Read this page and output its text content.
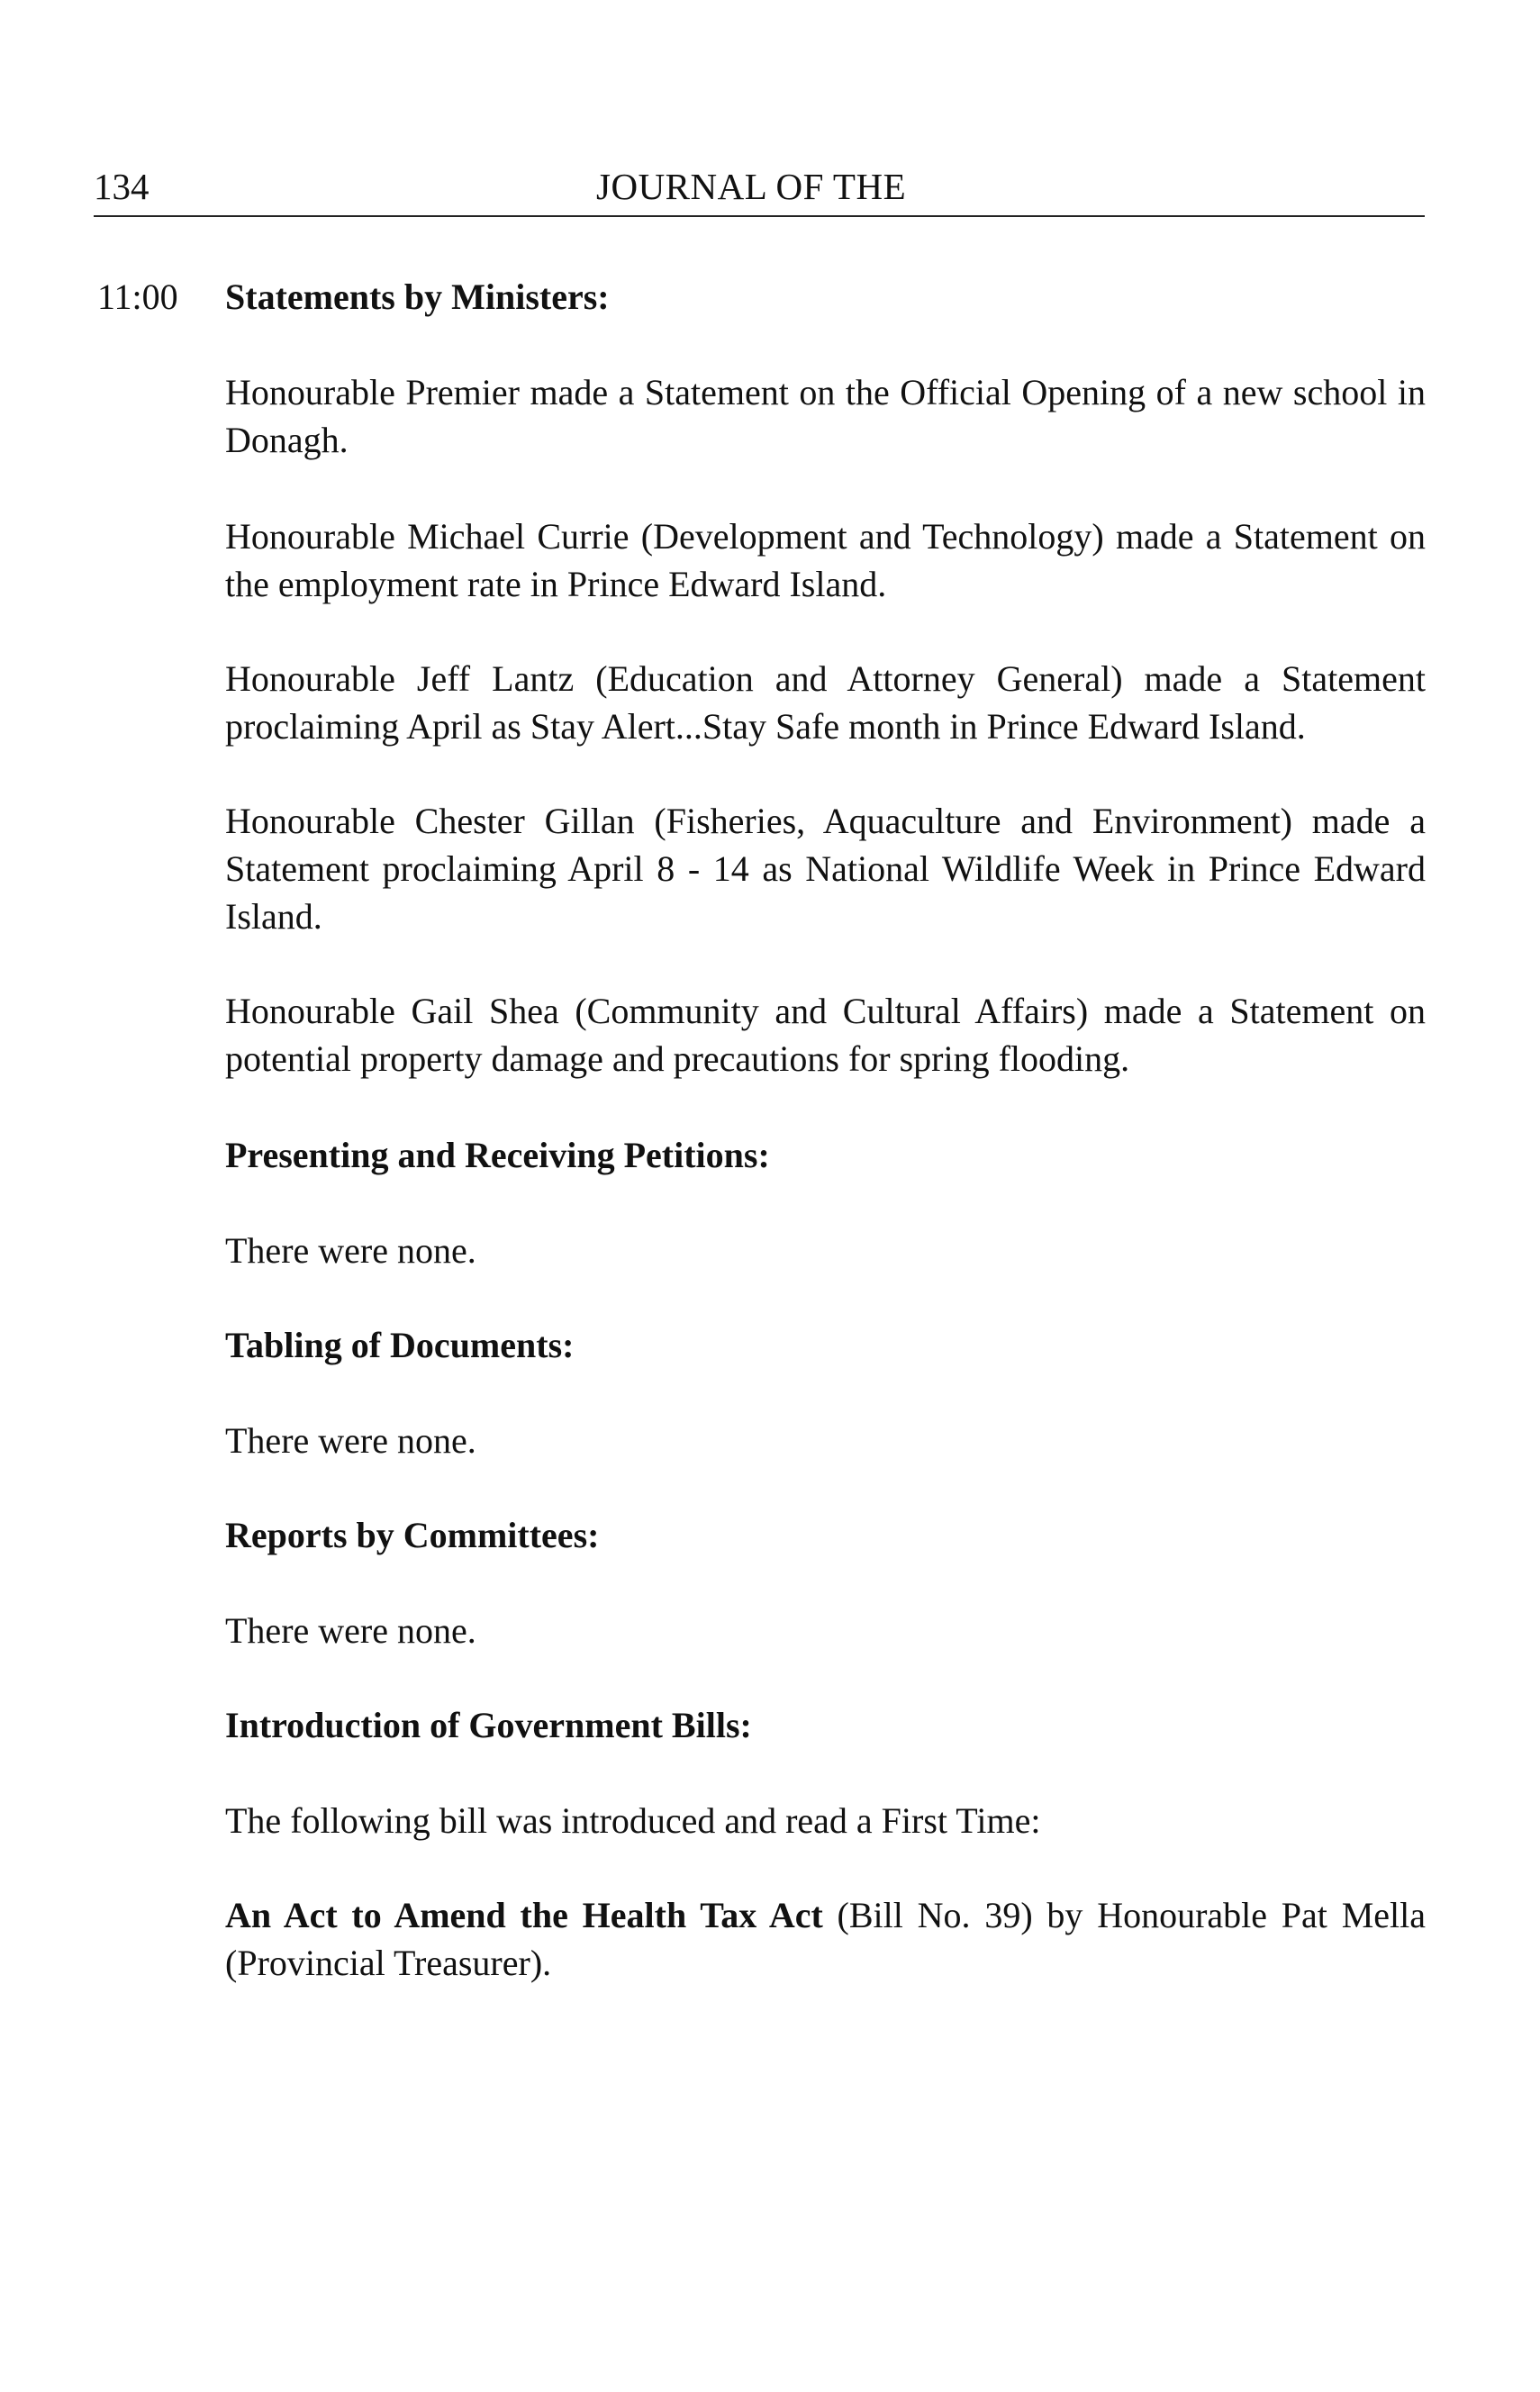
134	JOURNAL OF THE
11:00 Statements by Ministers:

Honourable Premier made a Statement on the Official Opening of a new school in Donagh.

Honourable Michael Currie (Development and Technology) made a Statement on the employment rate in Prince Edward Island.

Honourable Jeff Lantz (Education and Attorney General) made a Statement proclaiming April as Stay Alert...Stay Safe month in Prince Edward Island.

Honourable Chester Gillan (Fisheries, Aquaculture and Environment) made a Statement proclaiming April 8 - 14 as National Wildlife Week in Prince Edward Island.

Honourable Gail Shea (Community and Cultural Affairs) made a Statement on potential property damage and precautions for spring flooding.

Presenting and Receiving Petitions:

There were none.

Tabling of Documents:

There were none.

Reports by Committees:

There were none.

Introduction of Government Bills:

The following bill was introduced and read a First Time:

An Act to Amend the Health Tax Act (Bill No. 39) by Honourable Pat Mella (Provincial Treasurer).
